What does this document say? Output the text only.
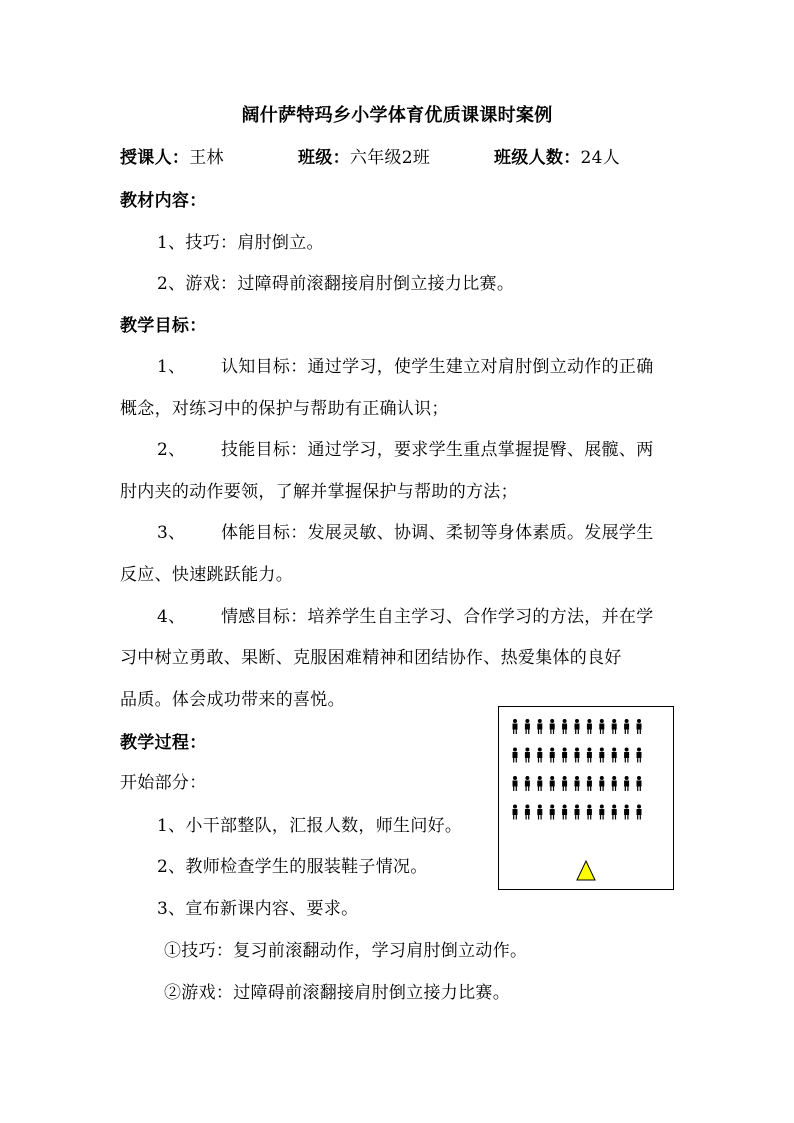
阔什萨特玛乡小学体育优质课课时案例
授课人：王林	班级：六年级2班	班级人数：24人
教材内容：
1、技巧：肩肘倒立。
2、游戏：过障碍前滚翻接肩肘倒立接力比赛。
教学目标：
1、 认知目标：通过学习，使学生建立对肩肘倒立动作的正确
概念，对练习中的保护与帮助有正确认识；
2、 技能目标：通过学习，要求学生重点掌握提臀、展髋、两
肘内夹的动作要领，了解并掌握保护与帮助的方法；
3、 体能目标：发展灵敏、协调、柔韧等身体素质。发展学生
反应、快速跳跃能力。
4、 情感目标：培养学生自主学习、合作学习的方法，并在学
习中树立勇敢、果断、克服困难精神和团结协作、热爱集体的良好
品质。体会成功带来的喜悦。
教学过程：
开始部分：
1、小干部整队，汇报人数，师生问好。
2、教师检查学生的服装鞋子情况。
3、宣布新课内容、要求。
①技巧：复习前滚翻动作，学习肩肘倒立动作。
②游戏：过障碍前滚翻接肩肘倒立接力比赛。
